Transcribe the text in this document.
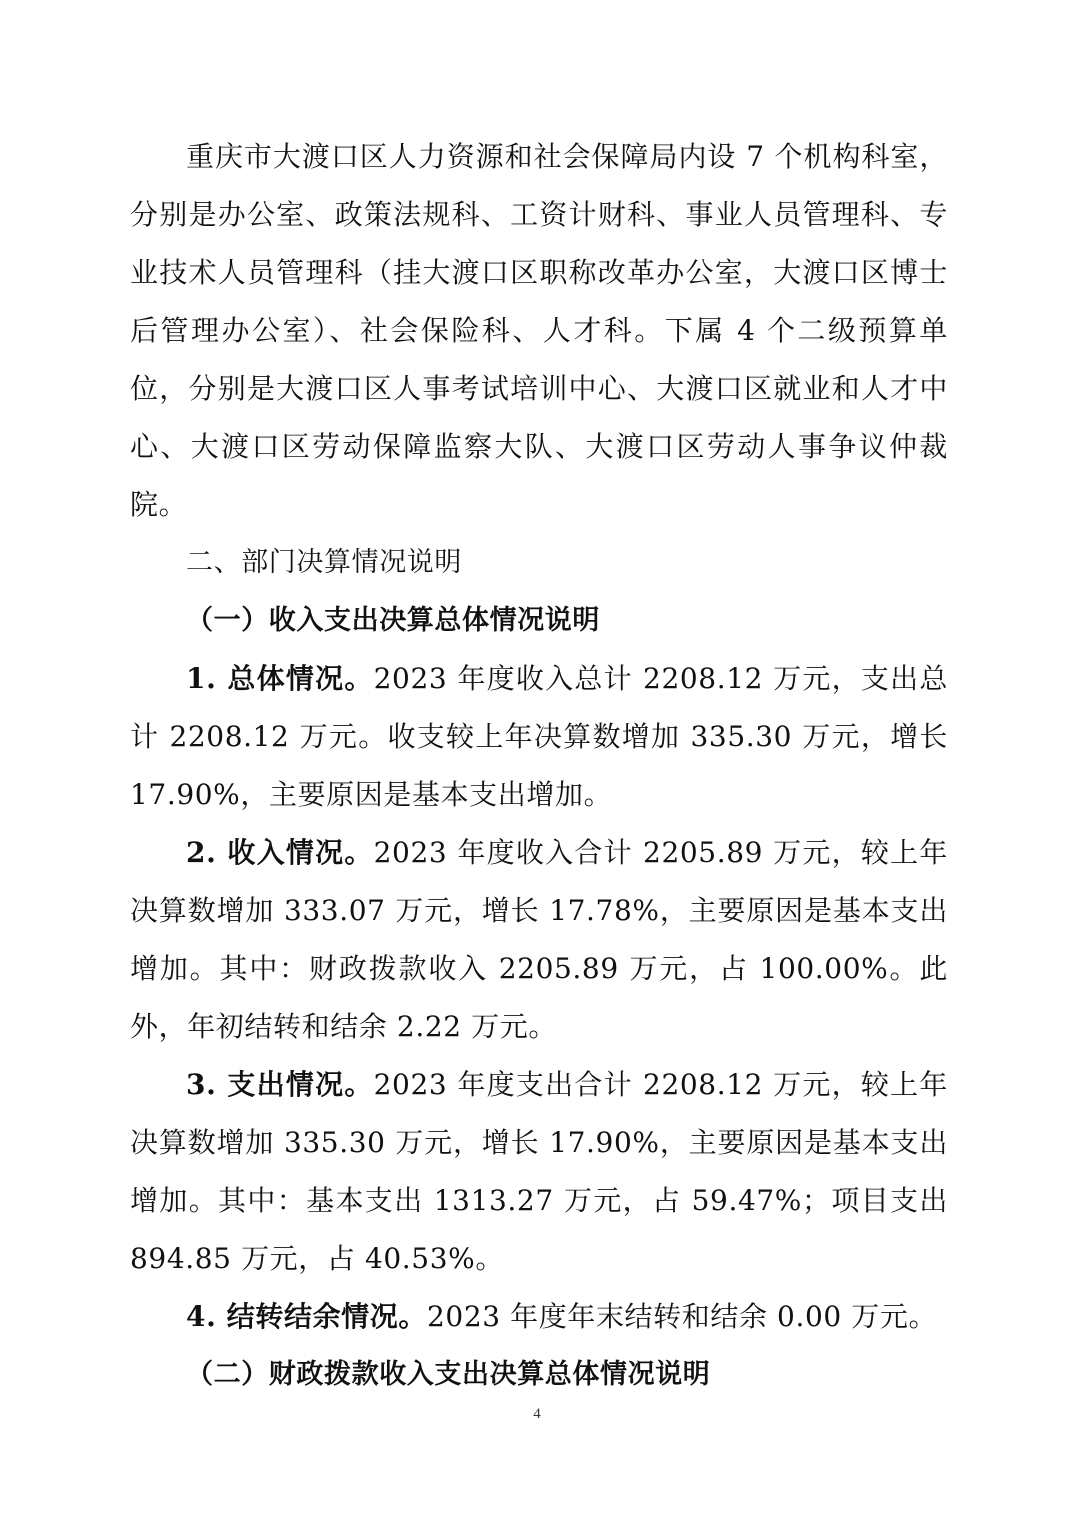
重庆市大渡口区人力资源和社会保障局内设 7 个机构科室，分别是办公室、政策法规科、工资计财科、事业人员管理科、专业技术人员管理科（挂大渡口区职称改革办公室，大渡口区博士后管理办公室）、社会保险科、人才科。下属 4 个二级预算单位，分别是大渡口区人事考试培训中心、大渡口区就业和人才中心、大渡口区劳动保障监察大队、大渡口区劳动人事争议仲裁院。

二、部门决算情况说明

（一）收入支出决算总体情况说明

1. 总体情况。2023 年度收入总计 2208.12 万元，支出总计 2208.12 万元。收支较上年决算数增加 335.30 万元，增长 17.90%，主要原因是基本支出增加。

2. 收入情况。2023 年度收入合计 2205.89 万元，较上年决算数增加 333.07 万元，增长 17.78%，主要原因是基本支出增加。其中：财政拨款收入 2205.89 万元，占 100.00%。此外，年初结转和结余 2.22 万元。

3. 支出情况。2023 年度支出合计 2208.12 万元，较上年决算数增加 335.30 万元，增长 17.90%，主要原因是基本支出增加。其中：基本支出 1313.27 万元，占 59.47%；项目支出 894.85 万元，占 40.53%。

4. 结转结余情况。2023 年度年末结转和结余 0.00 万元。

（二）财政拨款收入支出决算总体情况说明

4
